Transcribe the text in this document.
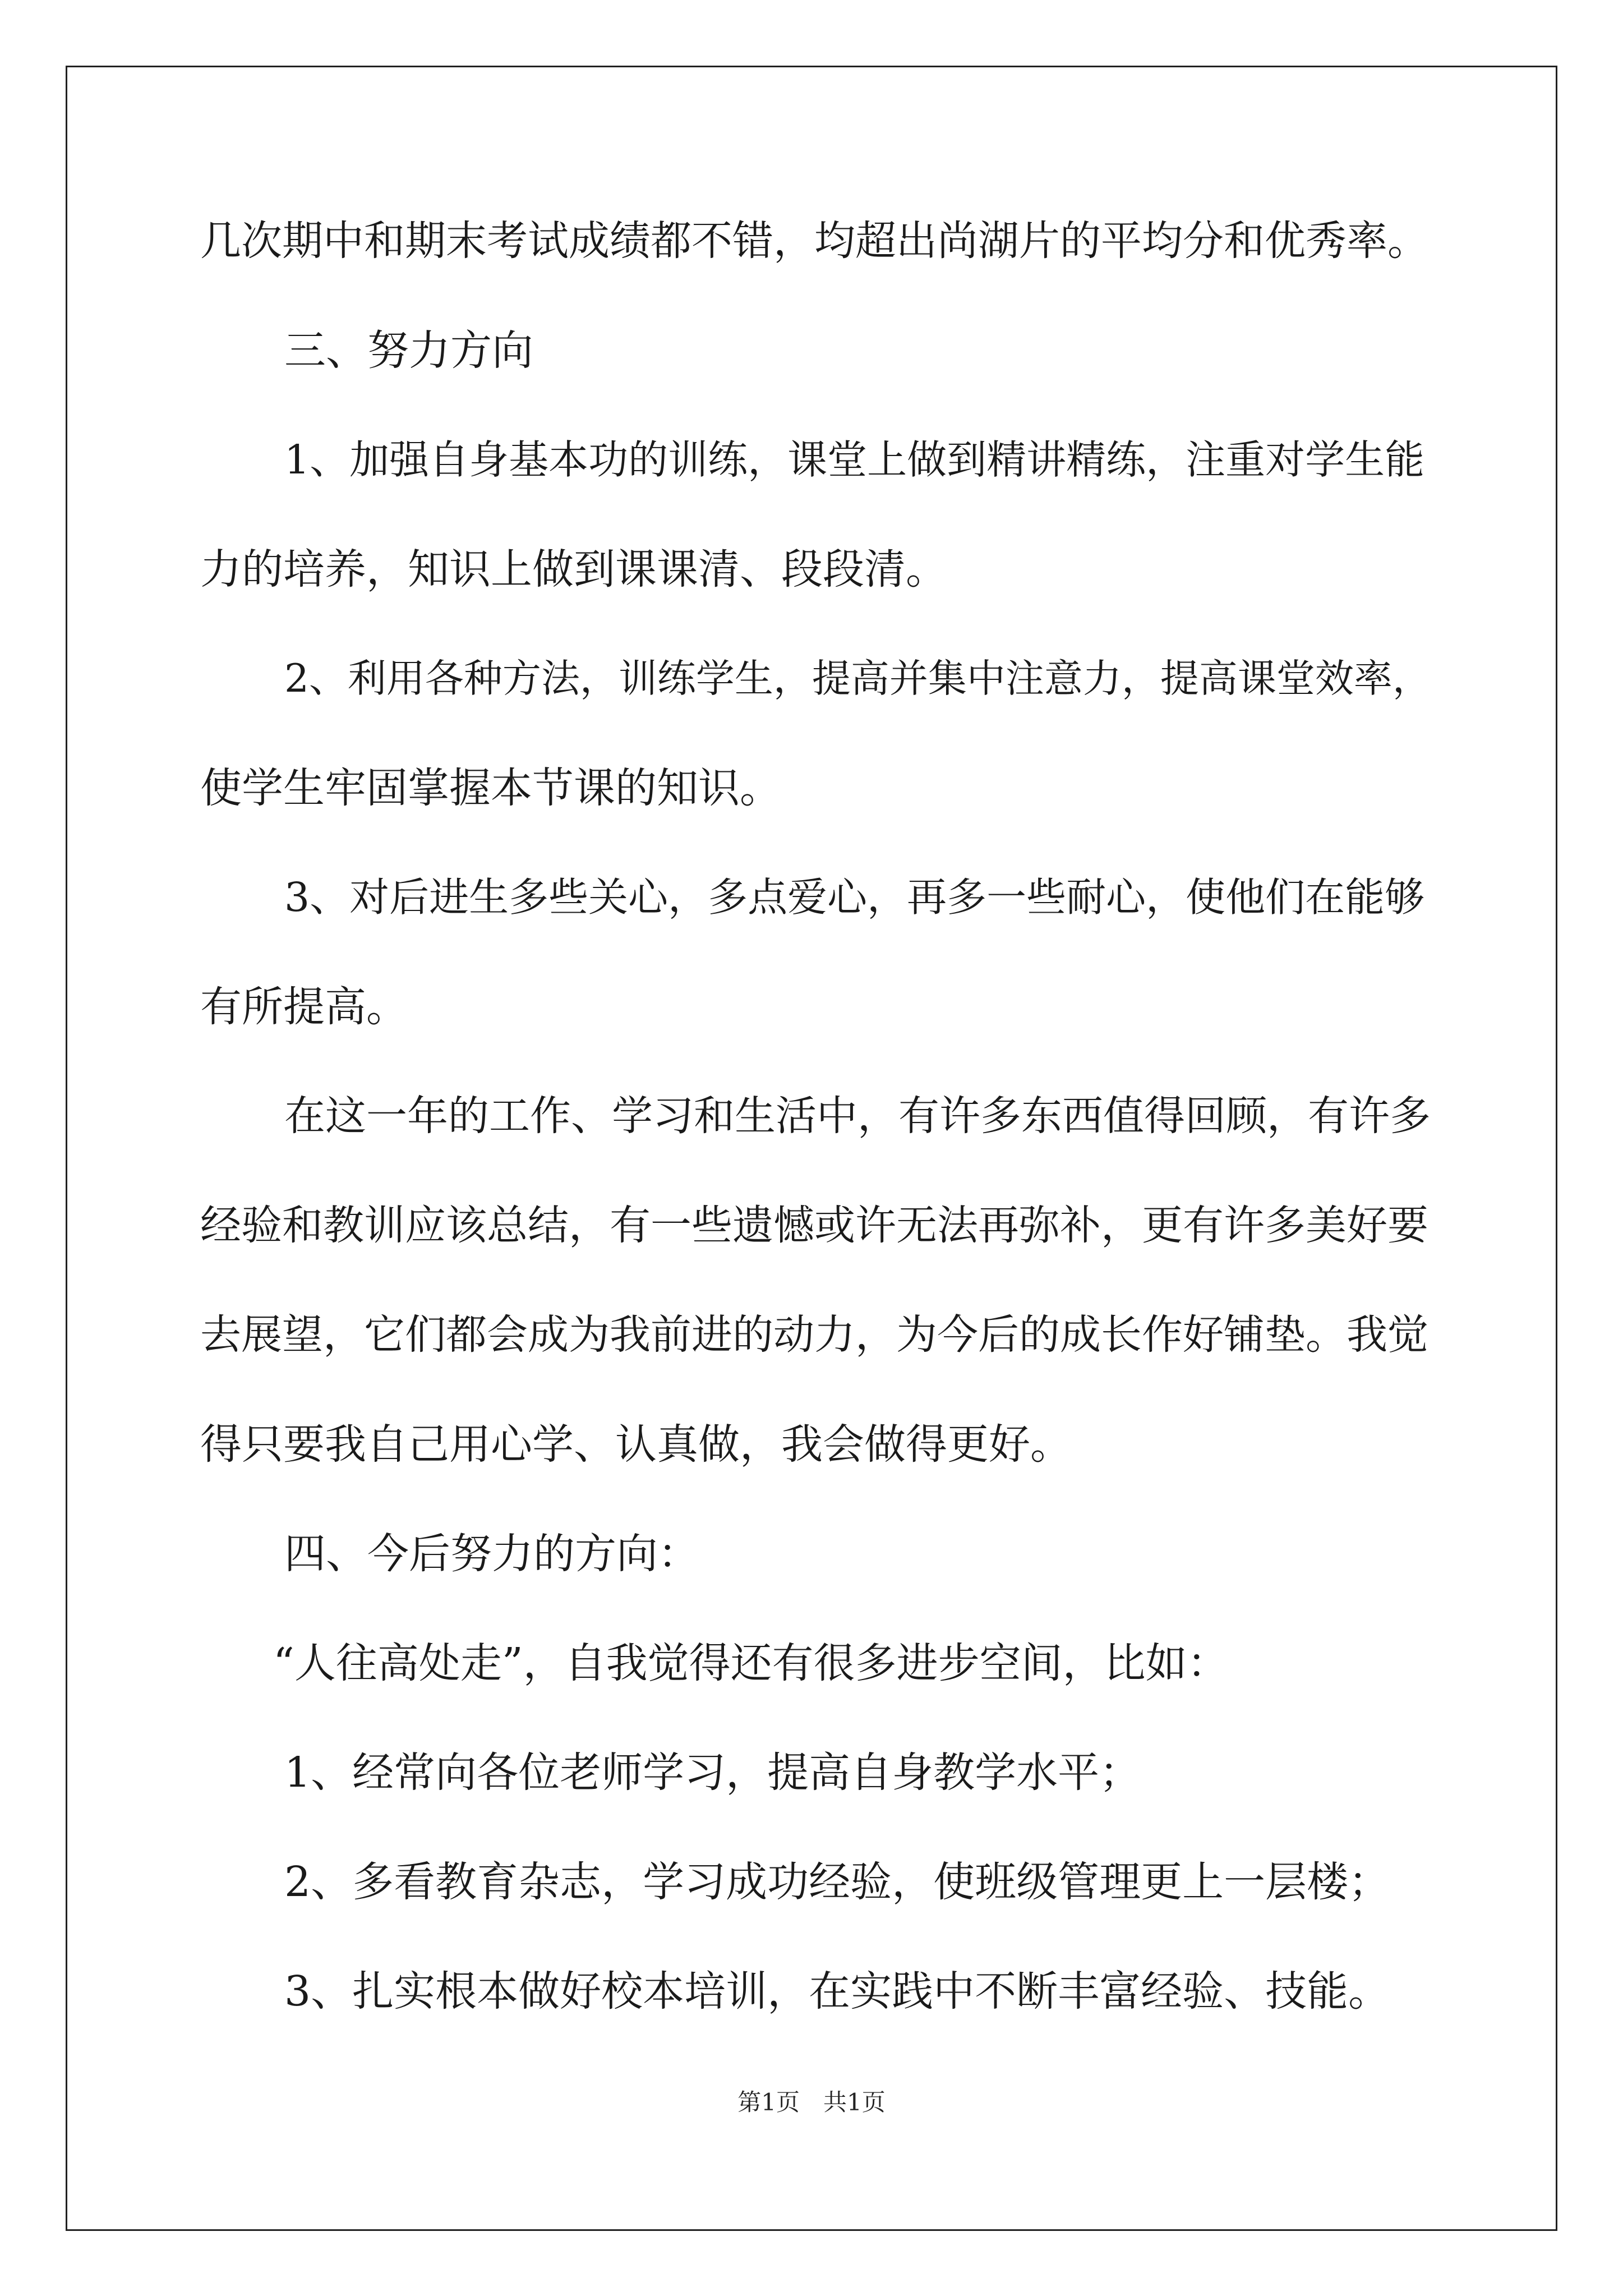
几次期中和期末考试成绩都不错，均超出尚湖片的平均分和优秀率。
三、努力方向
1、加强自身基本功的训练，课堂上做到精讲精练，注重对学生能
力的培养，知识上做到课课清、段段清。
2、利用各种方法，训练学生，提高并集中注意力，提高课堂效率，
使学生牢固掌握本节课的知识。
3、对后进生多些关心，多点爱心，再多一些耐心，使他们在能够
有所提高。
在这一年的工作、学习和生活中，有许多东西值得回顾，有许多
经验和教训应该总结，有一些遗憾或许无法再弥补，更有许多美好要
去展望，它们都会成为我前进的动力，为今后的成长作好铺垫。我觉
得只要我自己用心学、认真做，我会做得更好。
四、今后努力的方向：
“人往高处走”，自我觉得还有很多进步空间，比如：
1、经常向各位老师学习，提高自身教学水平；
2、多看教育杂志，学习成功经验，使班级管理更上一层楼；
3、扎实根本做好校本培训，在实践中不断丰富经验、技能。
第1页　共1页
